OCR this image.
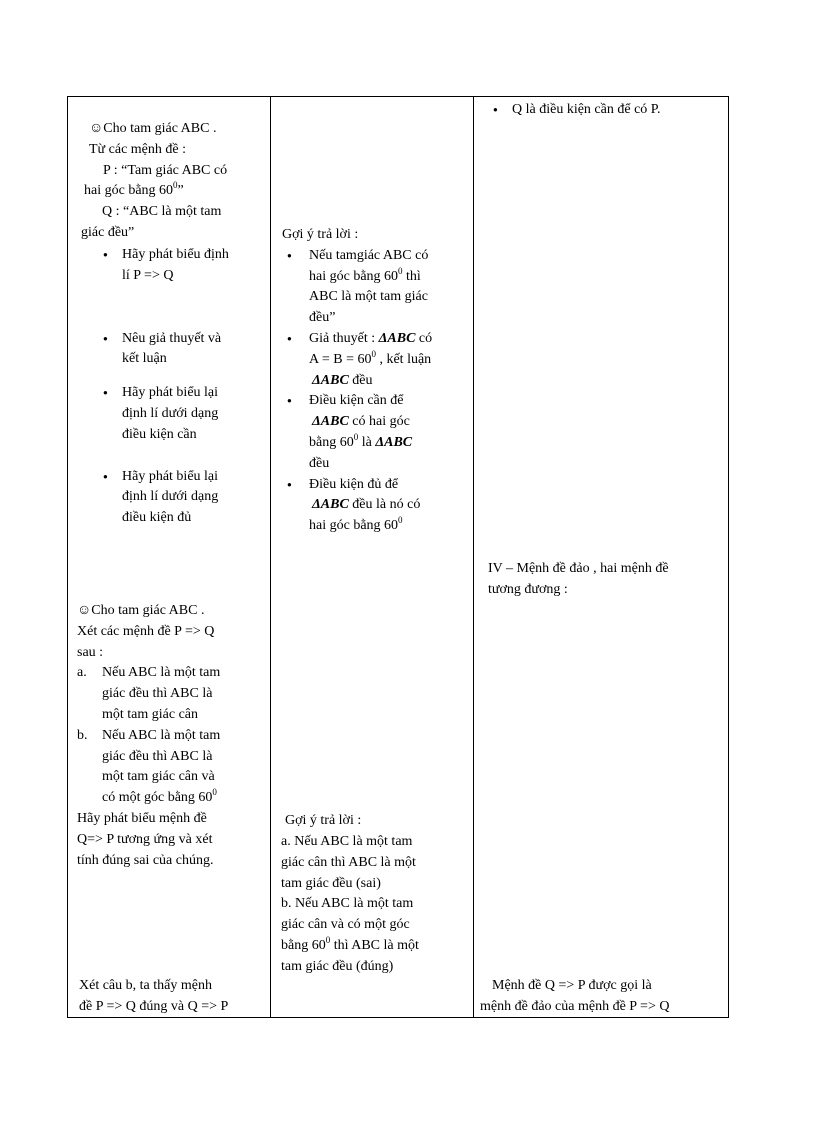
☺Cho tam giác ABC .
Từ các mệnh đề :
P : “Tam giác ABC có
hai góc bằng $60^0$”
Q : “ABC là một tam
giác đều”
● Hãy phát biểu định
lí P => Q
● Nêu giả thuyết và
kết luận
● Hãy phát biểu lại
định lí dưới dạng
điều kiện cần
● Hãy phát biểu lại
định lí dưới dạng
điều kiện đủ
☺Cho tam giác ABC .
Xét các mệnh đề P => Q
sau :
a. Nếu ABC là một tam
giác đều thì ABC là
một tam giác cân
b. Nếu ABC là một tam
giác đều thì ABC là
một tam giác cân và
có một góc bằng $60^0$
Hãy phát biểu mệnh đề
Q=> P tương ứng và xét
tính đúng sai của chúng.
Xét câu b, ta thấy mệnh
đề P => Q đúng và Q => P
Gợi ý trả lời :
● Nếu tamgiác ABC có
hai góc bằng $60^0$ thì
ABC là một tam giác
đều”
● Giả thuyết : ΔABC có
$A = B = 60^0$ , kết luận
ΔABC đều
● Điều kiện cần để
ΔABC có hai góc
bằng $60^0$ là ΔABC
đều
● Điều kiện đủ để
ΔABC đều là nó có
hai góc bằng $60^0$
Gợi ý trả lời :
a. Nếu ABC là một tam
giác cân thì ABC là một
tam giác đều (sai)
b. Nếu ABC là một tam
giác cân và có một góc
bằng $60^0$ thì ABC là một
tam giác đều (đúng)
● Q là điều kiện cần để có P.
IV – Mệnh đề đảo , hai mệnh đề
tương đương :
Mệnh đề Q => P được gọi là
mệnh đề đảo của mệnh đề P => Q
